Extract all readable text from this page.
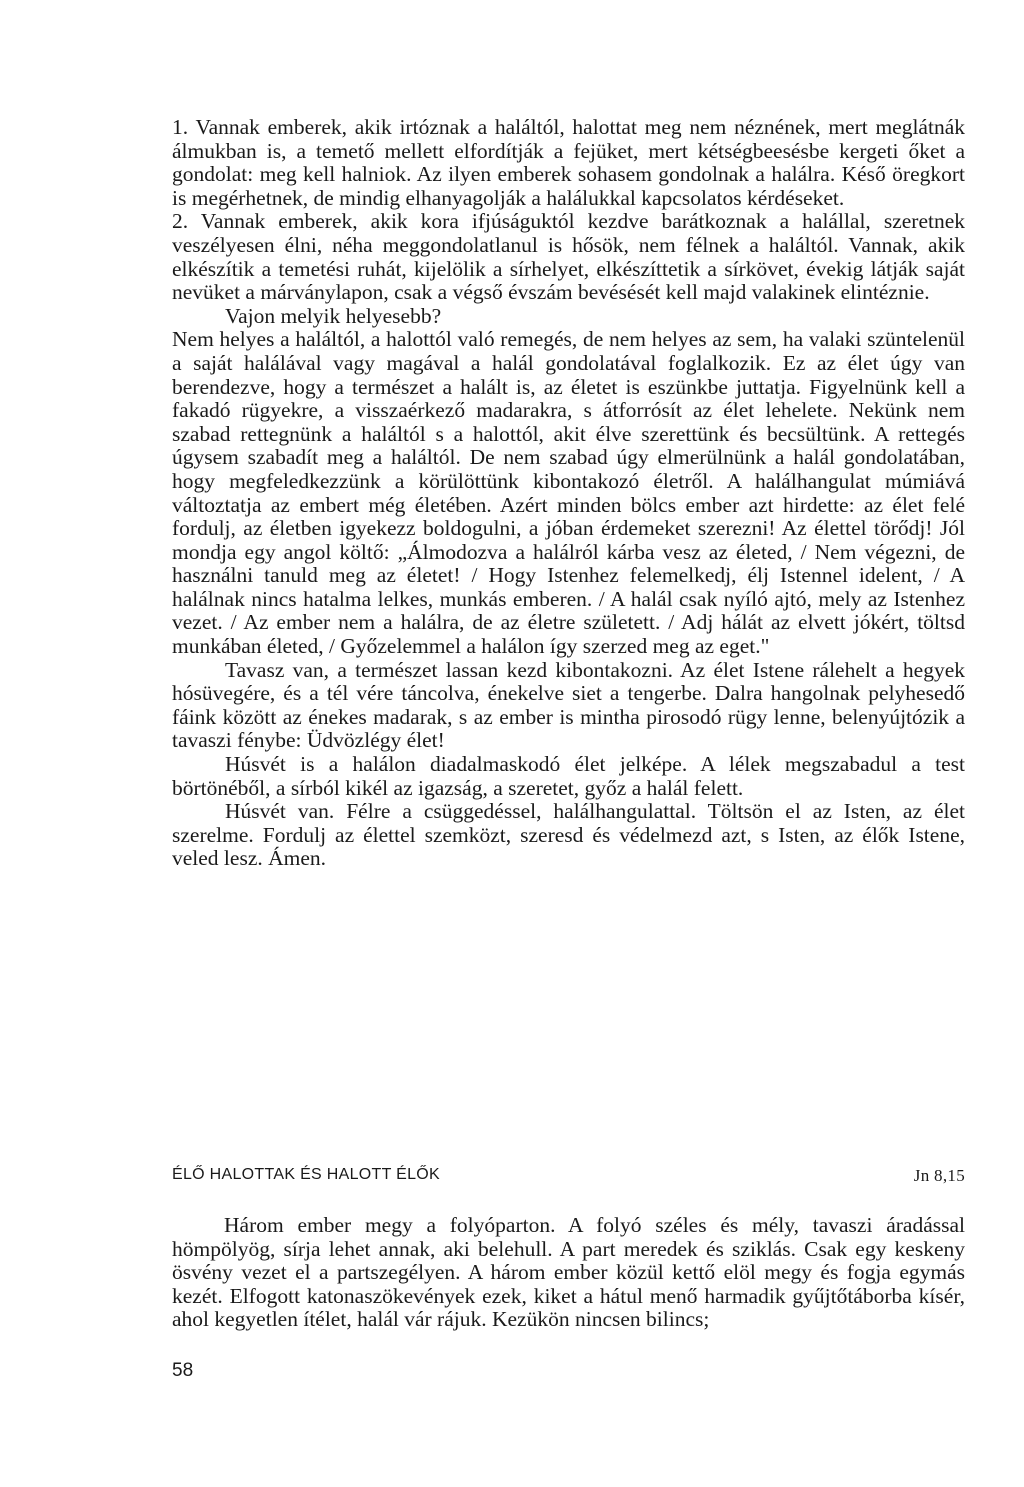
1. Vannak emberek, akik irtóznak a haláltól, halottat meg nem néznének, mert meglátnák álmukban is, a temető mellett elfordítják a fejüket, mert kétségbeesésbe kergeti őket a gondolat: meg kell halniok. Az ilyen emberek sohasem gondolnak a halálra. Késő öregkort is megérhetnek, de mindig elhanyagolják a halálukkal kapcsolatos kérdéseket.

2. Vannak emberek, akik kora ifjúságuktól kezdve barátkoznak a halállal, szeretnek veszélyesen élni, néha meggondolatlanul is hősök, nem félnek a haláltól. Vannak, akik elkészítik a temetési ruhát, kijelölik a sírhelyet, elkészíttetik a sírkövet, évekig látják saját nevüket a márványlapon, csak a végső évszám bevésését kell majd valakinek elintéznie.

Vajon melyik helyesebb?

Nem helyes a haláltól, a halottól való remegés, de nem helyes az sem, ha valaki szüntelenül a saját halálával vagy magával a halál gondolatával foglalkozik. Ez az élet úgy van berendezve, hogy a természet a halált is, az életet is eszünkbe juttatja. Figyelnünk kell a fakadó rügyekre, a visszaérkező madarakra, s átforrósít az élet lehelete. Nekünk nem szabad rettegnünk a haláltól s a halottól, akit élve szerettünk és becsültünk. A rettegés úgysem szabadít meg a haláltól. De nem szabad úgy elmerülnünk a halál gondolatában, hogy megfeledkezzünk a körülöttünk kibontakozó életről. A halálhangulat múmiává változtatja az embert még életében. Azért minden bölcs ember azt hirdette: az élet felé fordulj, az életben igyekezz boldogulni, a jóban érdemeket szerezni! Az élettel törődj! Jól mondja egy angol költő: „Álmodozva a halálról kárba vesz az életed, / Nem végezni, de használni tanuld meg az életet! / Hogy Istenhez felemelkedj, élj Istennel idelent, / A halálnak nincs hatalma lelkes, munkás emberen. / A halál csak nyíló ajtó, mely az Istenhez vezet. / Az ember nem a halálra, de az életre született. / Adj hálát az elvett jókért, töltsd munkában életed, / Győzelemmel a halálon így szerzed meg az eget."

Tavasz van, a természet lassan kezd kibontakozni. Az élet Istene rálehelt a hegyek hósüvegére, és a tél vére táncolva, énekelve siet a tengerbe. Dalra hangolnak pelyhesedő fáink között az énekes madarak, s az ember is mintha pirosodó rügy lenne, belenyújtózik a tavaszi fénybe: Üdvözlégy élet!

Húsvét is a halálon diadalmaskodó élet jelképe. A lélek megszabadul a test börtönéből, a sírból kikél az igazság, a szeretet, győz a halál felett.

Húsvét van. Félre a csüggedéssel, halálhangulattal. Töltsön el az Isten, az élet szerelme. Fordulj az élettel szemközt, szeresd és védelmezd azt, s Isten, az élők Istene, veled lesz. Ámen.

ÉLŐ HALOTTAK ÉS HALOTT ÉLŐK	Jn 8,15

Három ember megy a folyóparton. A folyó széles és mély, tavaszi áradással hömpölyög, sírja lehet annak, aki belehull. A part meredek és sziklás. Csak egy keskeny ösvény vezet el a partszegélyen. A három ember közül kettő elöl megy és fogja egymás kezét. Elfogott katonaszökevények ezek, kiket a hátul menő harmadik gyűjtőtáborba kísér, ahol kegyetlen ítélet, halál vár rájuk. Kezükön nincsen bilincs;

58
